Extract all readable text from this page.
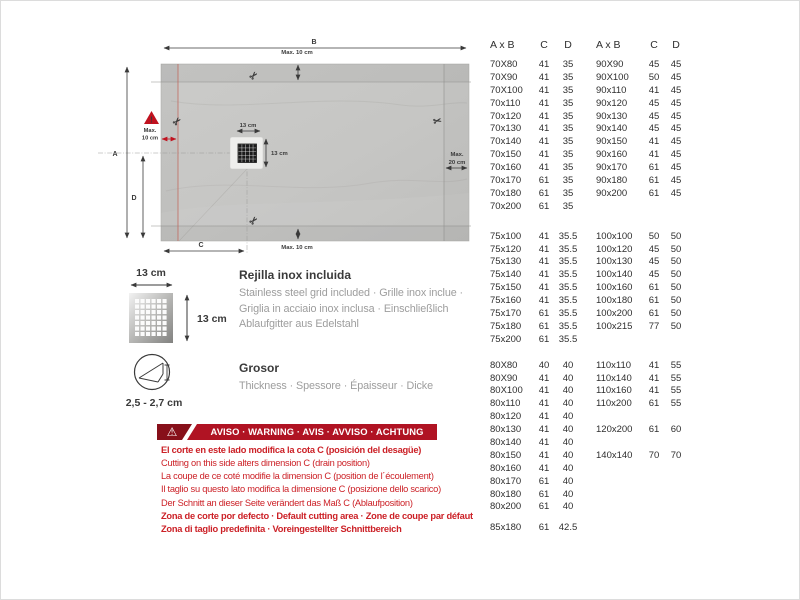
B
A
D
C
Max. 10 cm
Max. 10 cm
Max.
20 cm
13 cm
13 cm
!
Max.
10 cm
✂
✂
✂
✂
13 cm
13 cm
2,5 - 2,7 cm
Rejilla inox incluida
Stainless steel grid included · Grille inox inclue · Griglia in acciaio inox inclusa · Einschließlich Ablaufgitter aus Edelstahl
Grosor
Thickness · Spessore · Épaisseur · Dicke
⚠	AVISO · WARNING · AVIS · AVVISO · ACHTUNG
El corte en este lado modifica la cota C (posición del desagüe)
Cutting on this side alters dimension C (drain position)
La coupe de ce coté modifie la dimension C (position de l´écoulement)
Il taglio su questo lato modifica la dimensione C (posizione dello scarico)
Der Schnitt an dieser Seite verändert das Maß C (Ablaufposition)
Zona de corte por defecto · Default cutting area · Zone de coupe par défaut
Zona di taglio predefinita · Voreingestellter Schnittbereich
A x B	C	D	A x B	C	D
70X80	41	35	90X90	45	45
70X90	41	35	90X100	50	45
70X100	41	35	90x110	41	45
70x110	41	35	90x120	45	45
70x120	41	35	90x130	45	45
70x130	41	35	90x140	45	45
70x140	41	35	90x150	41	45
70x150	41	35	90x160	41	45
70x160	41	35	90x170	61	45
70x170	61	35	90x180	61	45
70x180	61	35	90x200	61	45
70x200	61	35
75x100	41 35.5	100x100	50	50
75x120	41 35.5	100x120	45	50
75x130	41 35.5	100x130	45	50
75x140	41 35.5	100x140	45	50
75x150	41 35.5	100x160	61	50
75x160	41 35.5	100x180	61	50
75x170	61 35.5	100x200	61	50
75x180	61 35.5	100x215	77	50
75x200	61 35.5
80X80	40	40	110x110	41	55
80X90	41	40	110x140	41	55
80X100	41	40	110x160	41	55
80x110	41	40	110x200	61	55
80x120	41	40
80x130	41	40	120x200	61	60
80x140	41	40
80x150	41	40	140x140	70	70
80x160	41	40
80x170	61	40
80x180	61	40
80x200	61	40
85x180	61 42.5
